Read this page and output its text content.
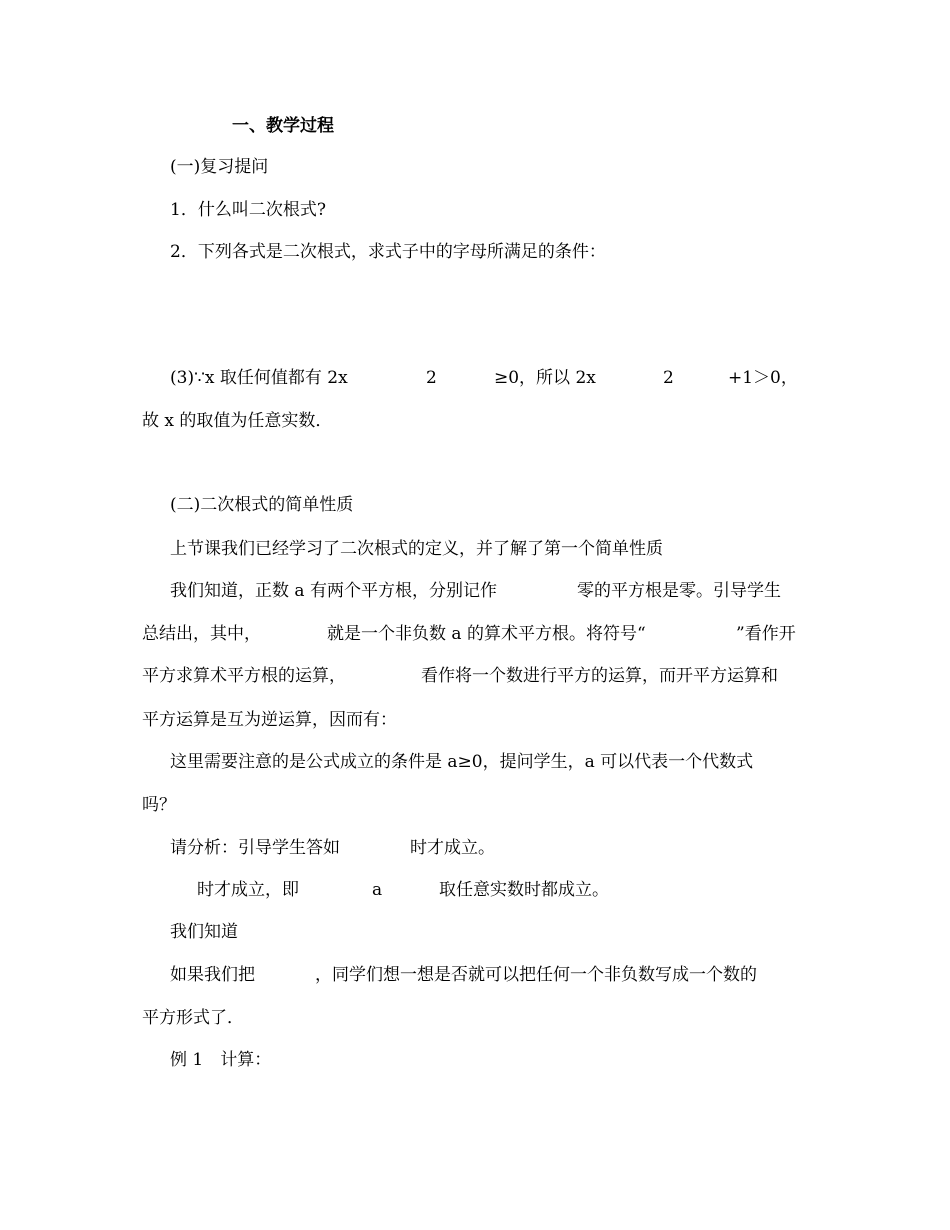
一、教学过程
(一)复习提问
1．什么叫二次根式?
2．下列各式是二次根式，求式子中的字母所满足的条件：
(3)∵x 取任何值都有 2x	2	≥0，所以 2x	2	+1＞0，
故 x 的取值为任意实数．
(二)二次根式的简单性质
上节课我们已经学习了二次根式的定义，并了解了第一个简单性质
我们知道，正数 a 有两个平方根，分别记作	零的平方根是零。引导学生
总结出，其中，	就是一个非负数 a 的算术平方根。将符号“	”看作开
平方求算术平方根的运算，	看作将一个数进行平方的运算，而开平方运算和
平方运算是互为逆运算，因而有：
这里需要注意的是公式成立的条件是 a≥0，提问学生，a 可以代表一个代数式
吗？
请分析：引导学生答如	时才成立。
时才成立，即	a	取任意实数时都成立。
我们知道
如果我们把	，同学们想一想是否就可以把任何一个非负数写成一个数的
平方形式了．
例 1　计算：
